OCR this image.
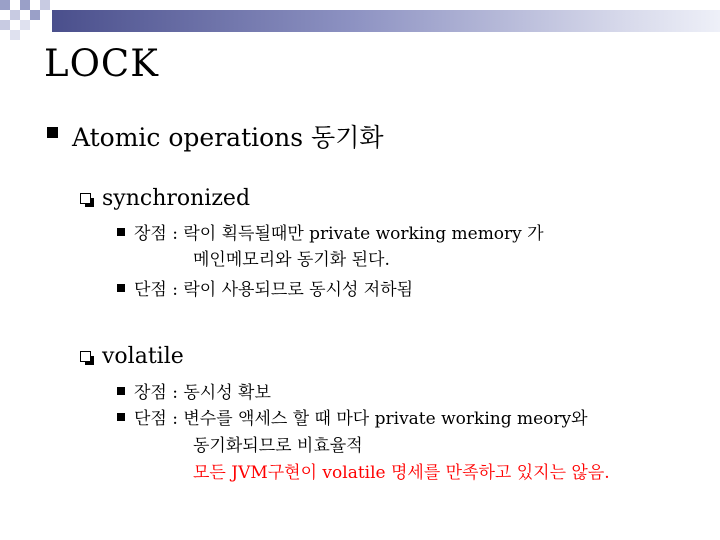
LOCK
Atomic operations 동기화
synchronized
장점 : 락이 획득될때만 private working memory 가
메인메모리와 동기화 된다.
단점 : 락이 사용되므로 동시성 저하됨
volatile
장점 : 동시성 확보
단점 : 변수를 액세스 할 때 마다 private working meory와
동기화되므로 비효율적
모든 JVM구현이 volatile 명세를 만족하고 있지는 않음.
